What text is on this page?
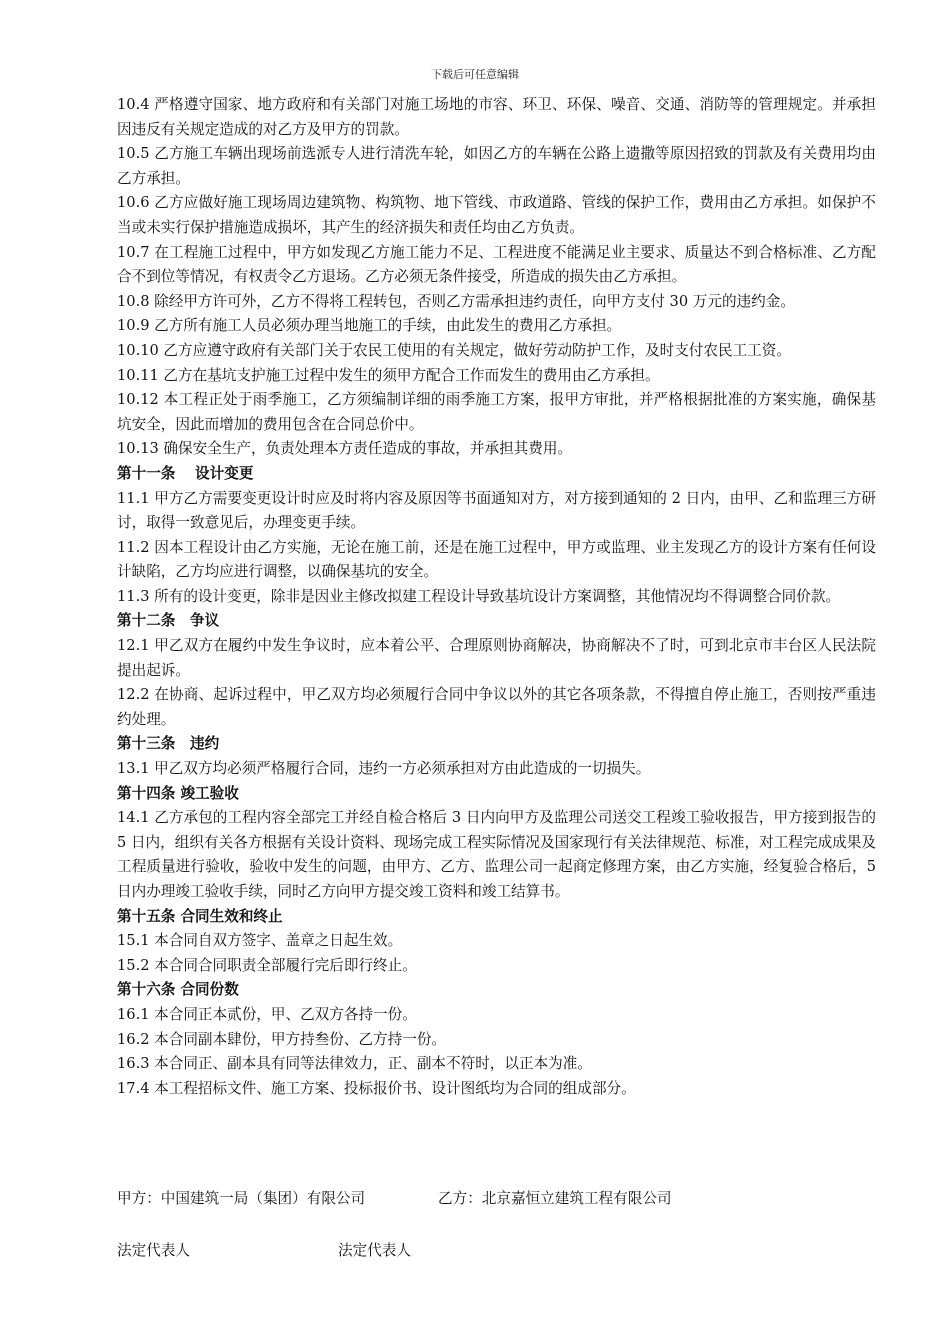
下载后可任意编辑

10.4 严格遵守国家、地方政府和有关部门对施工场地的市容、环卫、环保、噪音、交通、消防等的管理规定。并承担因违反有关规定造成的对乙方及甲方的罚款。

10.5 乙方施工车辆出现场前选派专人进行清洗车轮，如因乙方的车辆在公路上遗撒等原因招致的罚款及有关费用均由乙方承担。

10.6 乙方应做好施工现场周边建筑物、构筑物、地下管线、市政道路、管线的保护工作，费用由乙方承担。如保护不当或未实行保护措施造成损坏，其产生的经济损失和责任均由乙方负责。

10.7 在工程施工过程中，甲方如发现乙方施工能力不足、工程进度不能满足业主要求、质量达不到合格标准、乙方配合不到位等情况，有权责令乙方退场。乙方必须无条件接受，所造成的损失由乙方承担。

10.8 除经甲方许可外，乙方不得将工程转包，否则乙方需承担违约责任，向甲方支付 30 万元的违约金。

10.9 乙方所有施工人员必须办理当地施工的手续，由此发生的费用乙方承担。

10.10 乙方应遵守政府有关部门关于农民工使用的有关规定，做好劳动防护工作，及时支付农民工工资。

10.11 乙方在基坑支护施工过程中发生的须甲方配合工作而发生的费用由乙方承担。

10.12 本工程正处于雨季施工，乙方须编制详细的雨季施工方案，报甲方审批，并严格根据批准的方案实施，确保基坑安全，因此而增加的费用包含在合同总价中。

10.13 确保安全生产，负责处理本方责任造成的事故，并承担其费用。

第十一条　 设计变更

11.1 甲方乙方需要变更设计时应及时将内容及原因等书面通知对方，对方接到通知的 2 日内，由甲、乙和监理三方研讨，取得一致意见后，办理变更手续。

11.2 因本工程设计由乙方实施，无论在施工前，还是在施工过程中，甲方或监理、业主发现乙方的设计方案有任何设计缺陷，乙方均应进行调整，以确保基坑的安全。

11.3 所有的设计变更，除非是因业主修改拟建工程设计导致基坑设计方案调整，其他情况均不得调整合同价款。

第十二条　争议

12.1 甲乙双方在履约中发生争议时，应本着公平、合理原则协商解决，协商解决不了时，可到北京市丰台区人民法院提出起诉。

12.2 在协商、起诉过程中，甲乙双方均必须履行合同中争议以外的其它各项条款，不得擅自停止施工，否则按严重违约处理。

第十三条　违约

13.1 甲乙双方均必须严格履行合同，违约一方必须承担对方由此造成的一切损失。

第十四条 竣工验收

14.1 乙方承包的工程内容全部完工并经自检合格后 3 日内向甲方及监理公司送交工程竣工验收报告，甲方接到报告的 5 日内，组织有关各方根据有关设计资料、现场完成工程实际情况及国家现行有关法律规范、标准，对工程完成成果及工程质量进行验收，验收中发生的问题，由甲方、乙方、监理公司一起商定修理方案，由乙方实施，经复验合格后，5 日内办理竣工验收手续，同时乙方向甲方提交竣工资料和竣工结算书。

第十五条 合同生效和终止

15.1 本合同自双方签字、盖章之日起生效。

15.2 本合同合同职责全部履行完后即行终止。

第十六条 合同份数

16.1 本合同正本贰份，甲、乙双方各持一份。

16.2 本合同副本肆份，甲方持叁份、乙方持一份。

16.3 本合同正、副本具有同等法律效力，正、副本不符时，以正本为准。

17.4 本工程招标文件、施工方案、投标报价书、设计图纸均为合同的组成部分。

甲方：中国建筑一局（集团）有限公司	乙方：北京嘉恒立建筑工程有限公司
法定代表人	法定代表人
